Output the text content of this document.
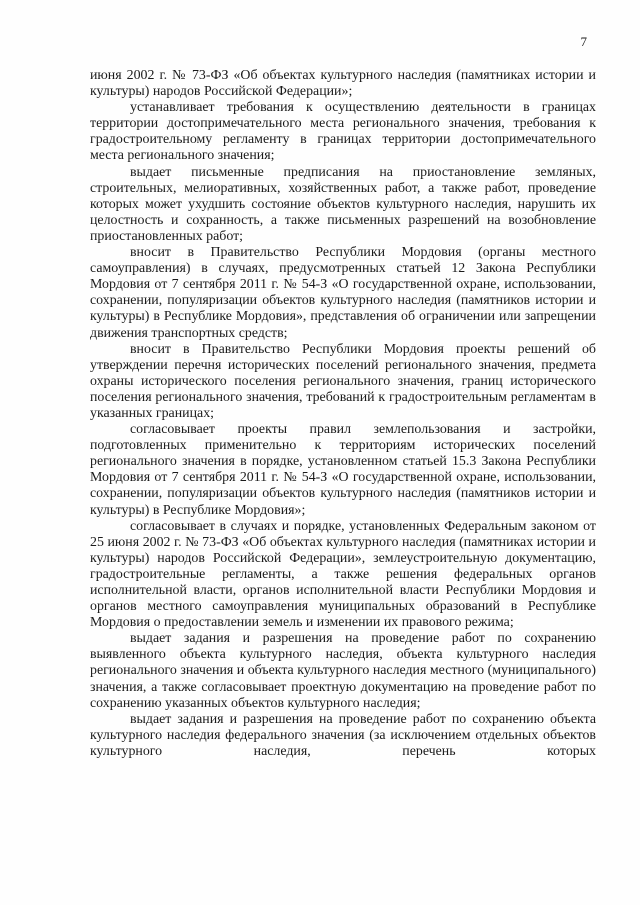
7

июня 2002 г. № 73-ФЗ «Об объектах культурного наследия (памятниках истории и культуры) народов Российской Федерации»;

устанавливает требования к осуществлению деятельности в границах территории достопримечательного места регионального значения, требования к градостроительному регламенту в границах территории достопримечательного места регионального значения;

выдает письменные предписания на приостановление земляных, строительных, мелиоративных, хозяйственных работ, а также работ, проведение которых может ухудшить состояние объектов культурного наследия, нарушить их целостность и сохранность, а также письменных разрешений на возобновление приостановленных работ;

вносит в Правительство Республики Мордовия (органы местного самоуправления) в случаях, предусмотренных статьей 12 Закона Республики Мордовия от 7 сентября 2011 г. № 54-З «О государственной охране, использовании, сохранении, популяризации объектов культурного наследия (памятников истории и культуры) в Республике Мордовия», представления об ограничении или запрещении движения транспортных средств;

вносит в Правительство Республики Мордовия проекты решений об утверждении перечня исторических поселений регионального значения, предмета охраны исторического поселения регионального значения, границ исторического поселения регионального значения, требований к градостроительным регламентам в указанных границах;

согласовывает проекты правил землепользования и застройки, подготовленных применительно к территориям исторических поселений регионального значения в порядке, установленном статьей 15.3 Закона Республики Мордовия от 7 сентября 2011 г. № 54-З «О государственной охране, использовании, сохранении, популяризации объектов культурного наследия (памятников истории и культуры) в Республике Мордовия»;

согласовывает в случаях и порядке, установленных Федеральным законом от 25 июня 2002 г. № 73-ФЗ «Об объектах культурного наследия (памятниках истории и культуры) народов Российской Федерации», землеустроительную документацию, градостроительные регламенты, а также решения федеральных органов исполнительной власти, органов исполнительной власти Республики Мордовия и органов местного самоуправления муниципальных образований в Республике Мордовия о предоставлении земель и изменении их правового режима;

выдает задания и разрешения на проведение работ по сохранению выявленного объекта культурного наследия, объекта культурного наследия регионального значения и объекта культурного наследия местного (муниципального) значения, а также согласовывает проектную документацию на проведение работ по сохранению указанных объектов культурного наследия;

выдает задания и разрешения на проведение работ по сохранению объекта культурного наследия федерального значения (за исключением отдельных объектов культурного наследия, перечень которых
